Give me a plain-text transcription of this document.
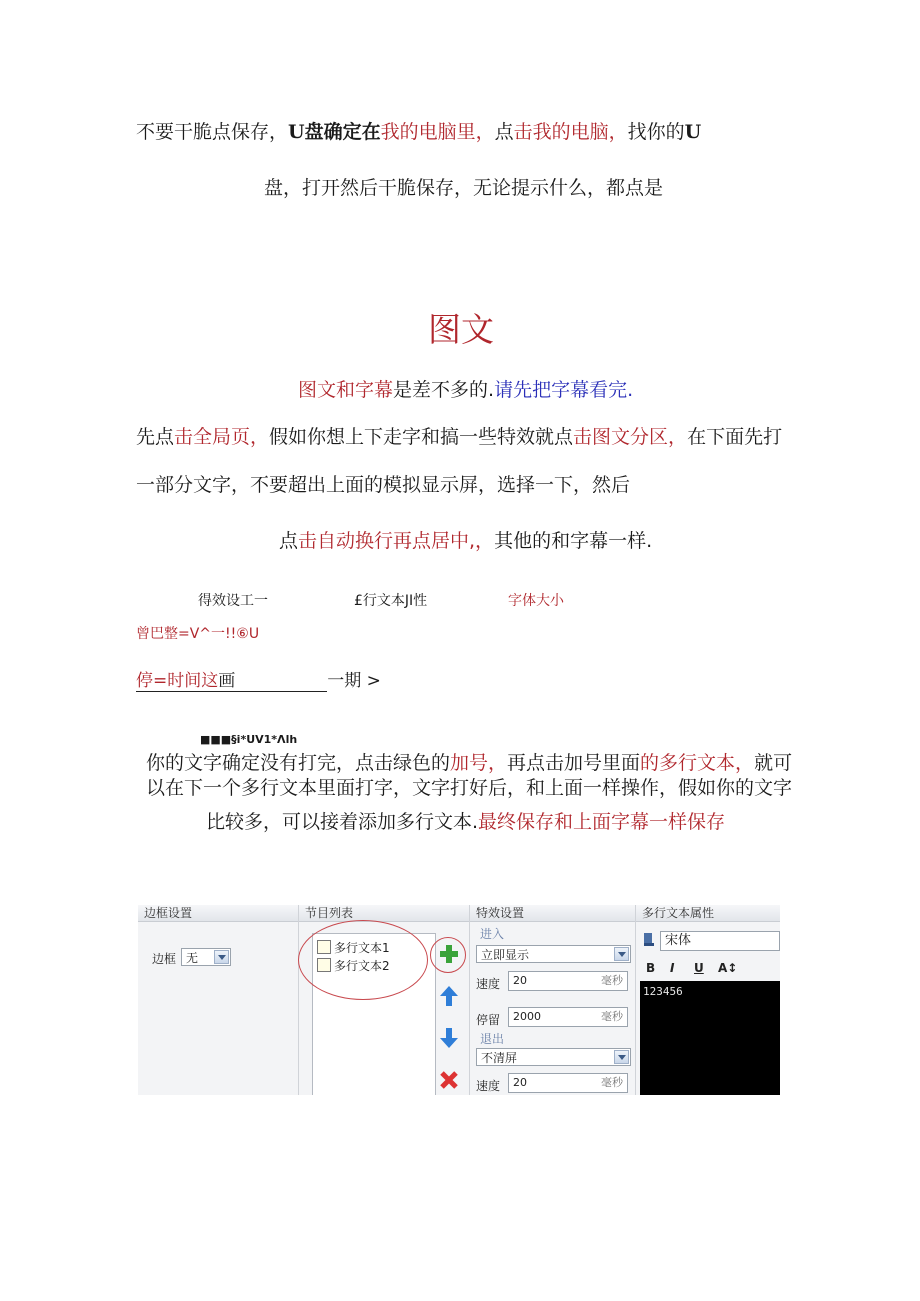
不要干脆点保存，U盘确定在我的电脑里，点击我的电脑，找你的U
盘，打开然后干脆保存，无论提示什么，都点是
图文
图文和字幕是差不多的.请先把字幕看完.
先点击全局页，假如你想上下走字和搞一些特效就点击图文分区，在下面先打
一部分文字，不要超出上面的模拟显示屏，选择一下，然后
点击自动换行再点居中,，其他的和字幕一样.
得效设工一	£行文本JI性	字体大小
曾巴整=V^一!!⑥U
停=时间这画	一期 >
■■■§i*UV1*Λlh
你的文字确定没有打完，点击绿色的加号，再点击加号里面的多行文本，就可
以在下一个多行文本里面打字，文字打好后，和上面一样操作，假如你的文字
比较多，可以接着添加多行文本.最终保存和上面字幕一样保存
边框设置
边框 无
节目列表
多行文本1
多行文本2
特效设置
进入
立即显示
速度	20	毫秒
停留	2000	毫秒
退出
不清屏
速度	20	毫秒
多行文本属性
宋体
B I U A↕
123456
